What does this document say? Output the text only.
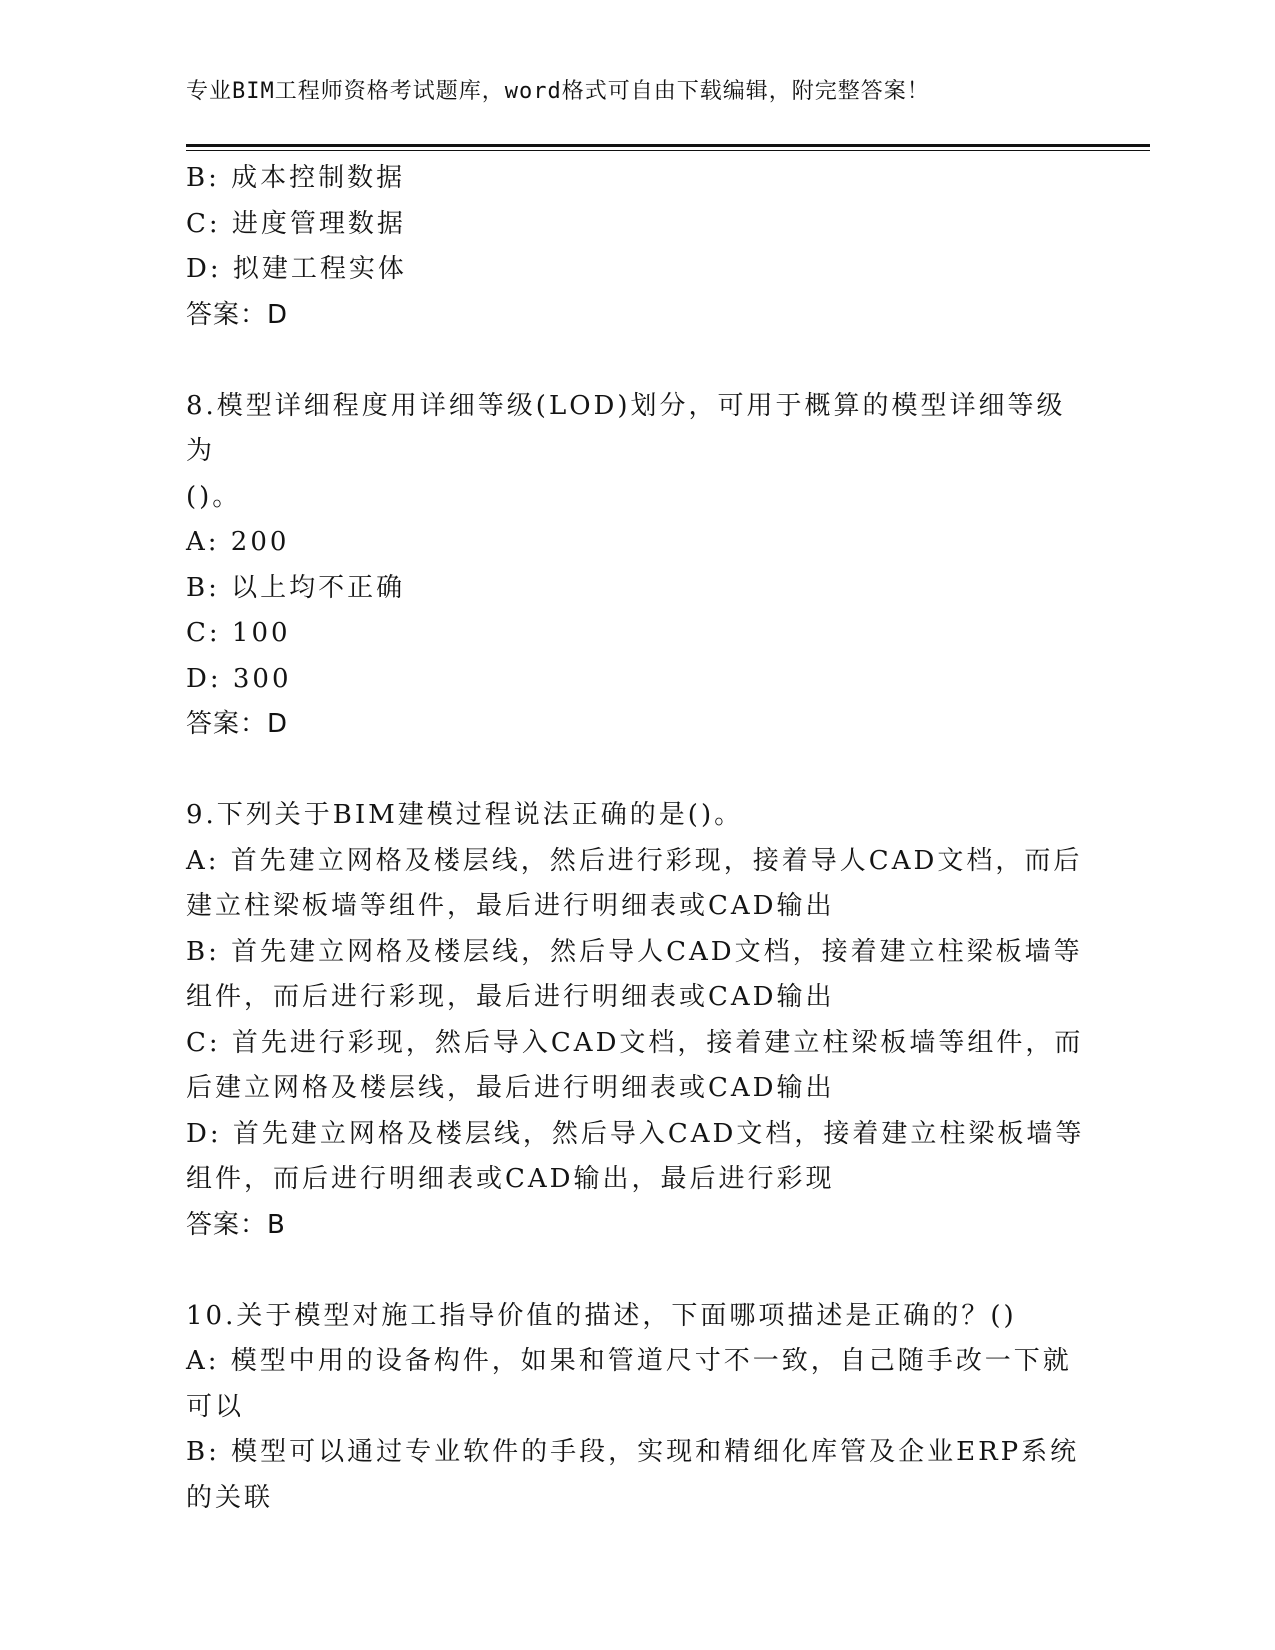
专业BIM工程师资格考试题库，word格式可自由下载编辑，附完整答案！
B: 成本控制数据
C: 进度管理数据
D: 拟建工程实体
答案：D
8.模型详细程度用详细等级(LOD)划分，可用于概算的模型详细等级为
()。
A: 200
B: 以上均不正确
C: 100
D: 300
答案：D
9.下列关于BIM建模过程说法正确的是()。
A: 首先建立网格及楼层线，然后进行彩现，接着导人CAD文档，而后
建立柱梁板墙等组件，最后进行明细表或CAD输出
B: 首先建立网格及楼层线，然后导人CAD文档，接着建立柱梁板墙等
组件，而后进行彩现，最后进行明细表或CAD输出
C: 首先进行彩现，然后导入CAD文档，接着建立柱梁板墙等组件，而
后建立网格及楼层线，最后进行明细表或CAD输出
D: 首先建立网格及楼层线，然后导入CAD文档，接着建立柱梁板墙等
组件，而后进行明细表或CAD输出，最后进行彩现
答案：B
10.关于模型对施工指导价值的描述，下面哪项描述是正确的？()
A: 模型中用的设备构件，如果和管道尺寸不一致，自己随手改一下就
可以
B: 模型可以通过专业软件的手段，实现和精细化库管及企业ERP系统
的关联
